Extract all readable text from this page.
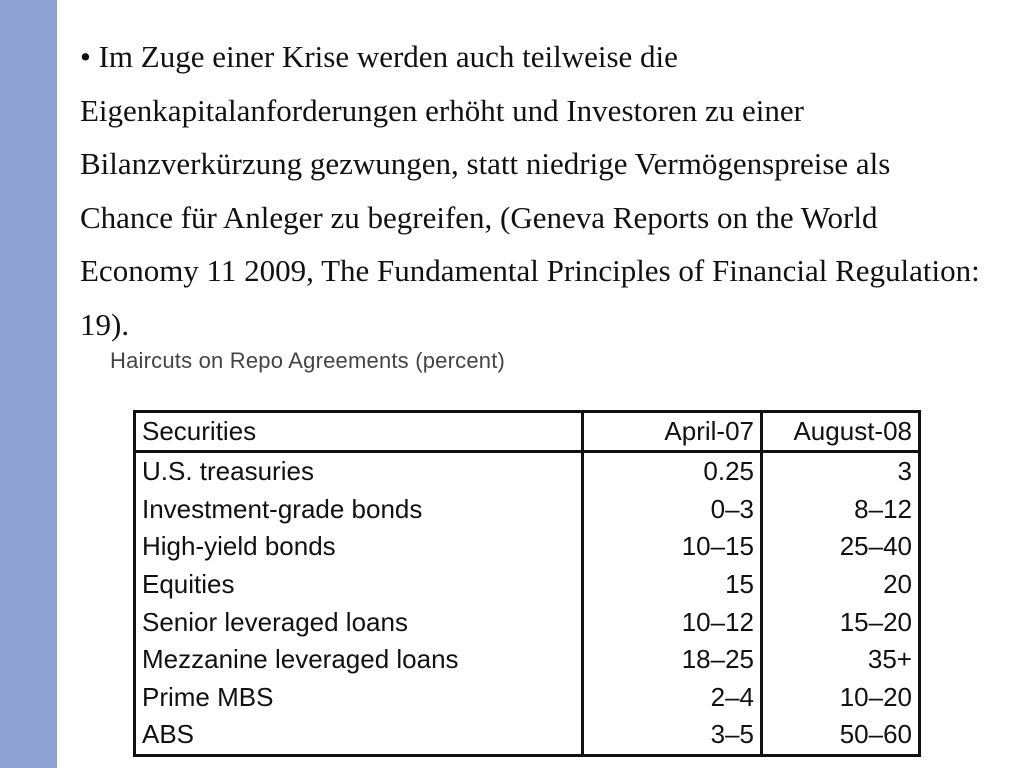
• Im Zuge einer Krise werden auch teilweise die Eigenkapitalanforderungen erhöht und Investoren zu einer Bilanzverkürzung gezwungen, statt niedrige Vermögenspreise als Chance für Anleger zu begreifen, (Geneva Reports on the World Economy 11 2009, The Fundamental Principles of Financial Regulation: 19).
Haircuts on Repo Agreements (percent)
Securities	April-07	August-08
U.S. treasuries	0.25	3
Investment-grade bonds	0–3	8–12
High-yield bonds	10–15	25–40
Equities	15	20
Senior leveraged loans	10–12	15–20
Mezzanine leveraged loans	18–25	35+
Prime MBS	2–4	10–20
ABS	3–5	50–60
